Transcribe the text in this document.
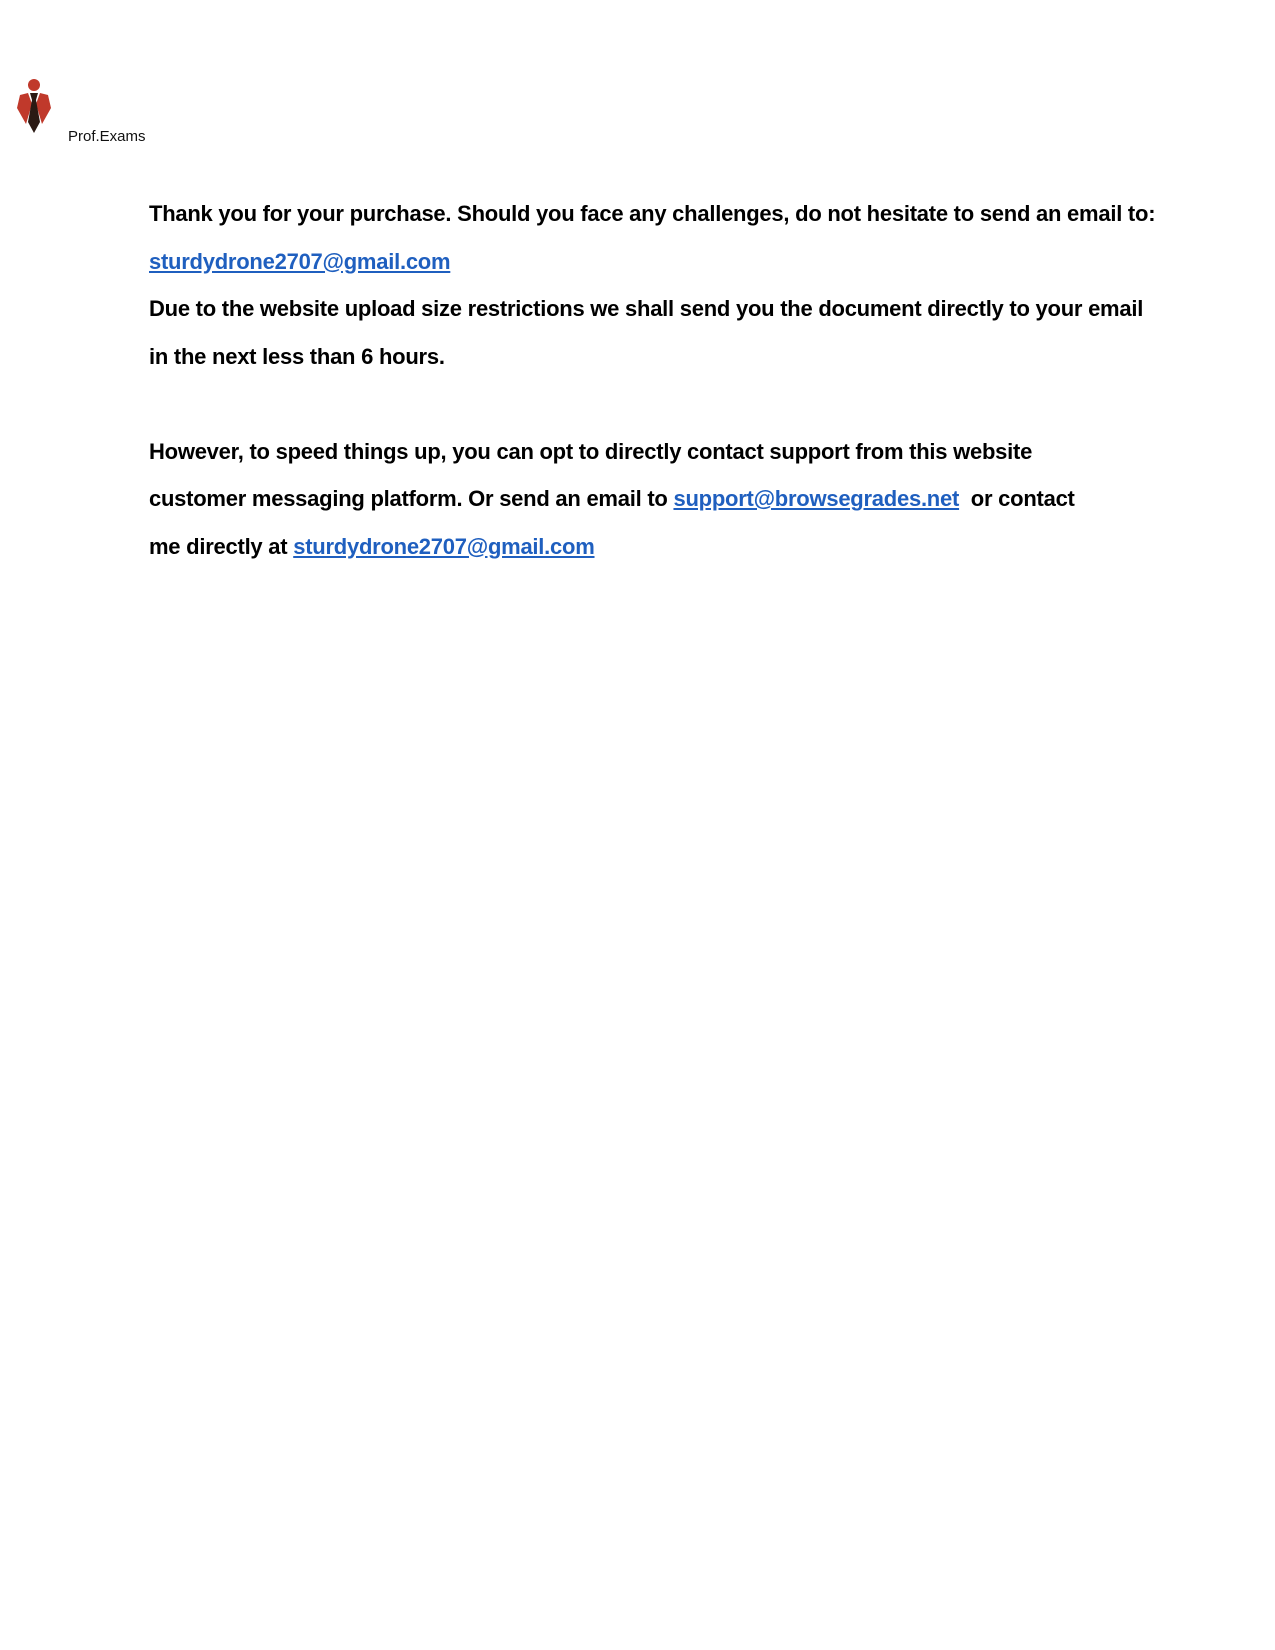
Prof.Exams
Thank you for your purchase. Should you face any challenges, do not hesitate to send an email to:
sturdydrone2707@gmail.com
Due to the website upload size restrictions we shall send you the document directly to your email
in the next less than 6 hours.
However, to speed things up, you can opt to directly contact support from this website
customer messaging platform. Or send an email to support@browsegrades.net  or contact
me directly at sturdydrone2707@gmail.com
